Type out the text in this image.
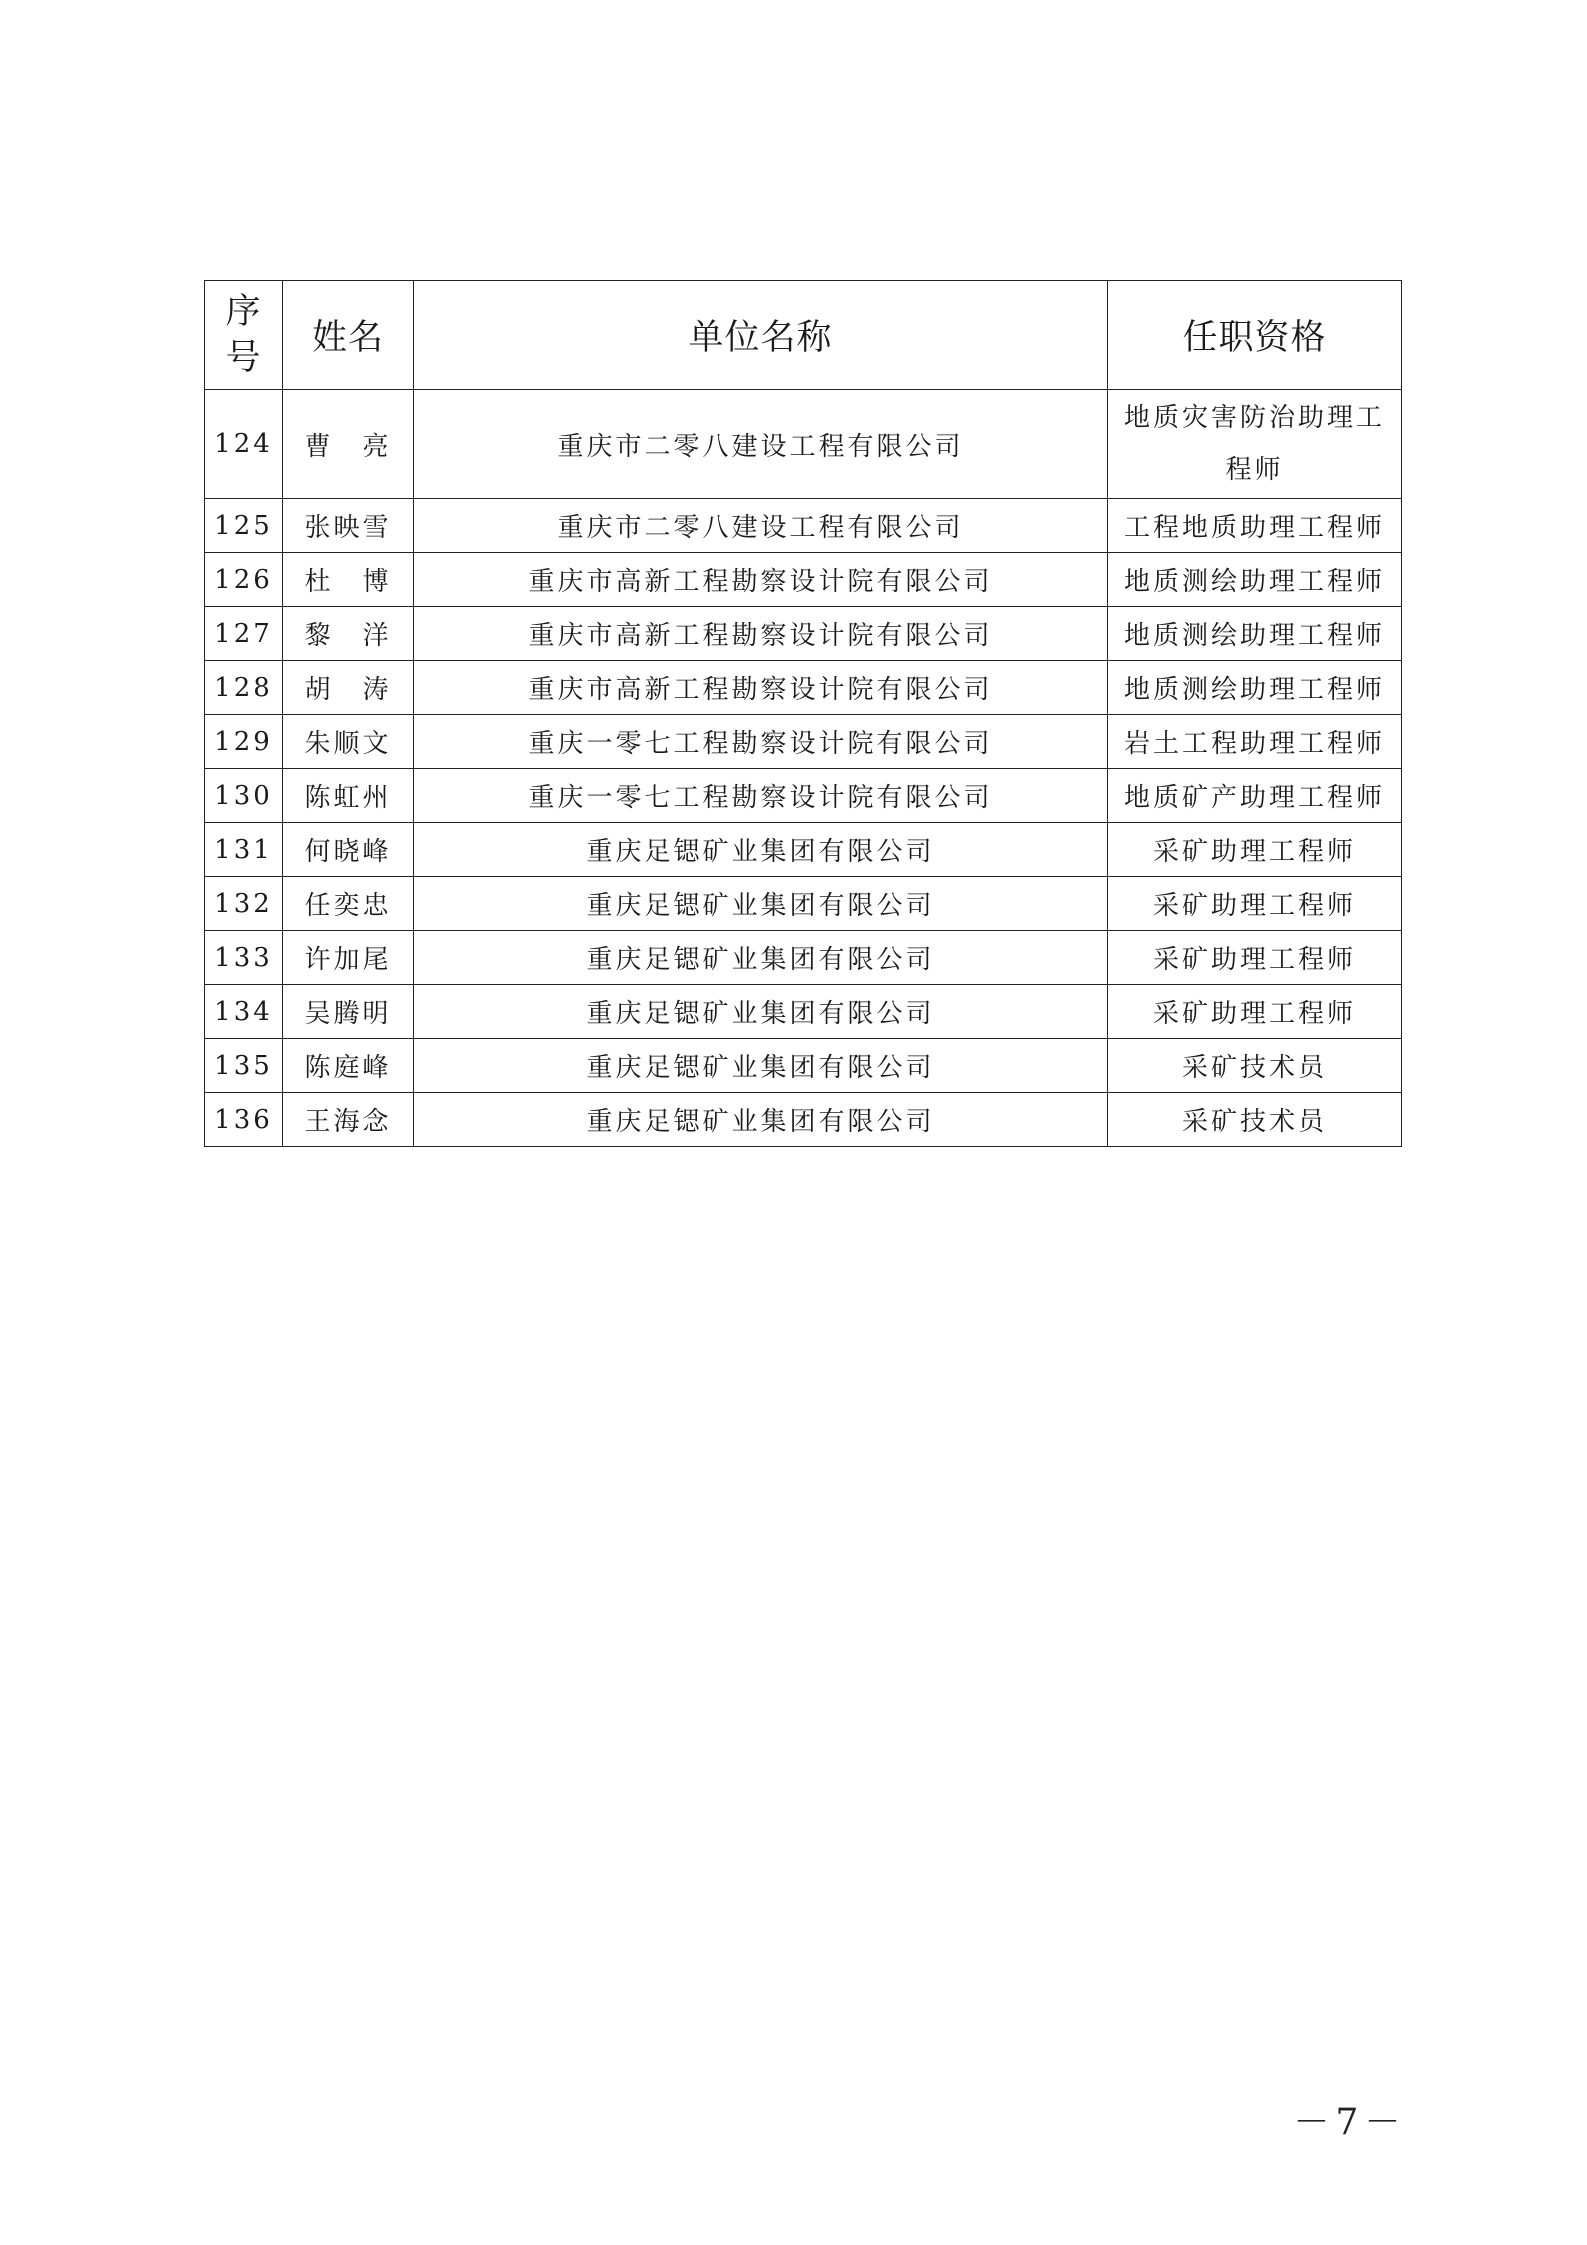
序号	姓名	单位名称	任职资格
124	曹　亮	重庆市二零八建设工程有限公司	地质灾害防治助理工程师
125	张映雪	重庆市二零八建设工程有限公司	工程地质助理工程师
126	杜　博	重庆市高新工程勘察设计院有限公司	地质测绘助理工程师
127	黎　洋	重庆市高新工程勘察设计院有限公司	地质测绘助理工程师
128	胡　涛	重庆市高新工程勘察设计院有限公司	地质测绘助理工程师
129	朱顺文	重庆一零七工程勘察设计院有限公司	岩土工程助理工程师
130	陈虹州	重庆一零七工程勘察设计院有限公司	地质矿产助理工程师
131	何晓峰	重庆足锶矿业集团有限公司	采矿助理工程师
132	任奕忠	重庆足锶矿业集团有限公司	采矿助理工程师
133	许加尾	重庆足锶矿业集团有限公司	采矿助理工程师
134	吴腾明	重庆足锶矿业集团有限公司	采矿助理工程师
135	陈庭峰	重庆足锶矿业集团有限公司	采矿技术员
136	王海念	重庆足锶矿业集团有限公司	采矿技术员
－7－
